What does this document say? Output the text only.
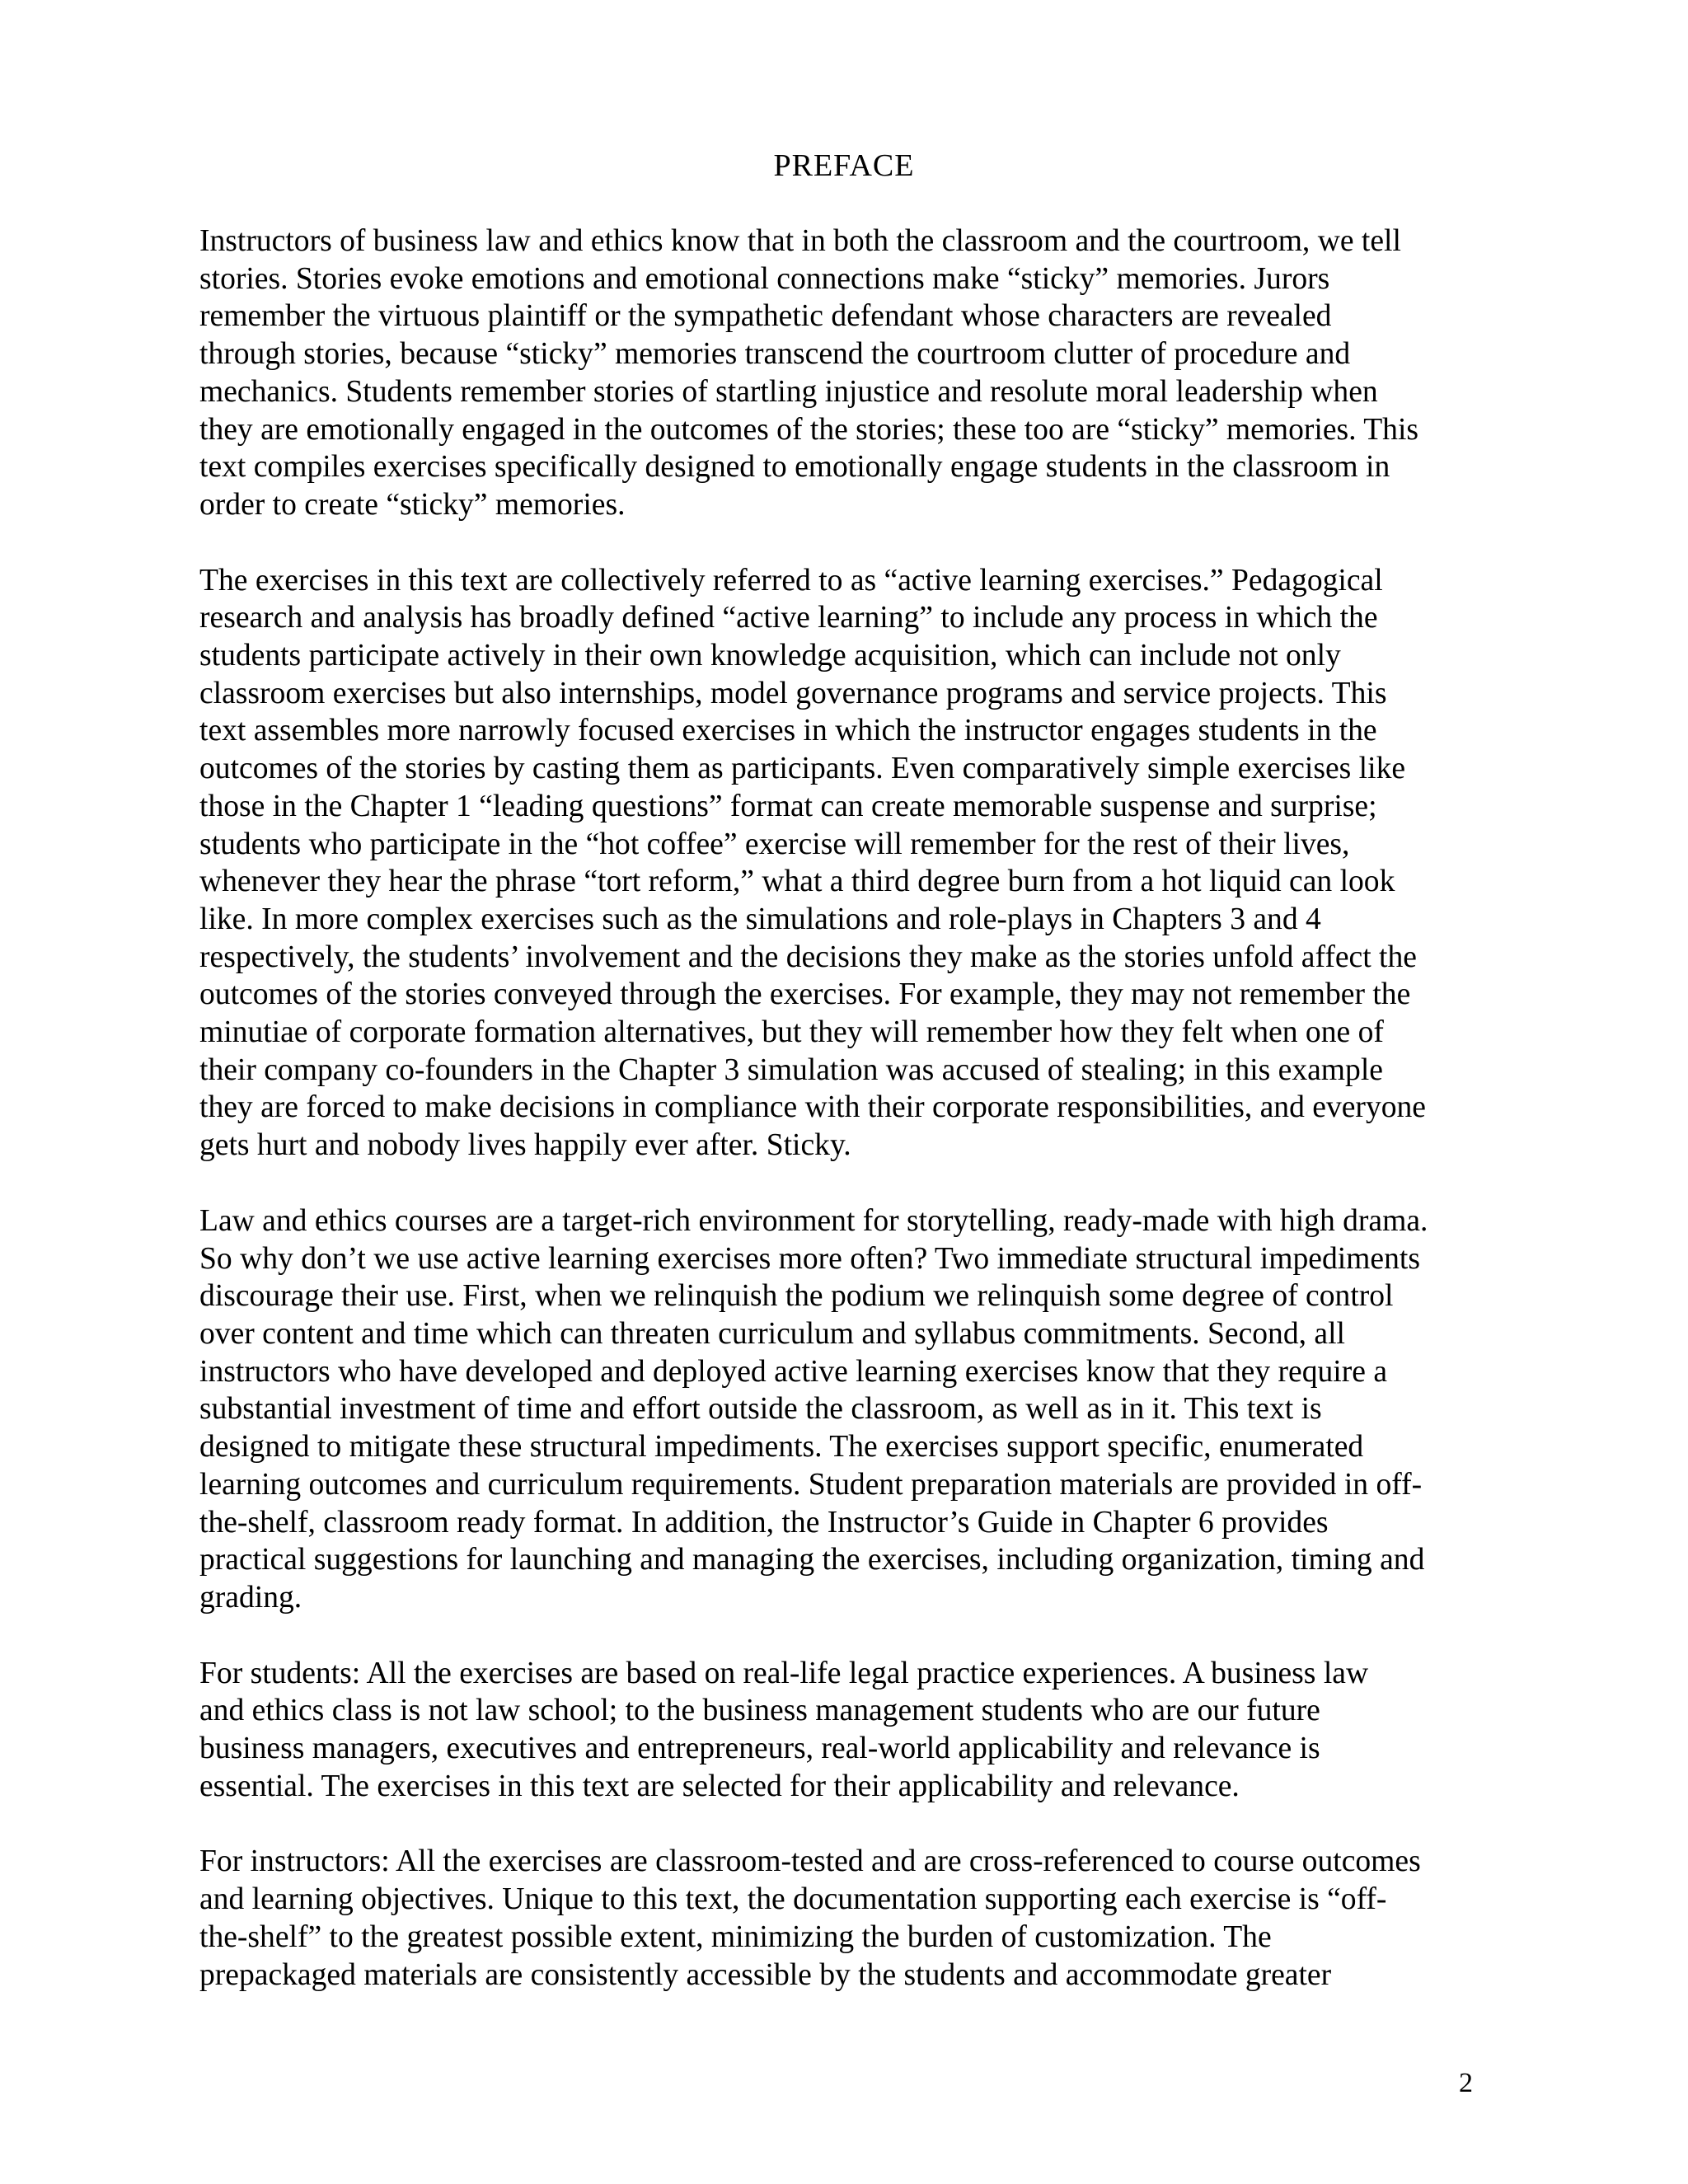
PREFACE

Instructors of business law and ethics know that in both the classroom and the courtroom, we tell
stories. Stories evoke emotions and emotional connections make “sticky” memories. Jurors
remember the virtuous plaintiff or the sympathetic defendant whose characters are revealed
through stories, because “sticky” memories transcend the courtroom clutter of procedure and
mechanics. Students remember stories of startling injustice and resolute moral leadership when
they are emotionally engaged in the outcomes of the stories; these too are “sticky” memories. This
text compiles exercises specifically designed to emotionally engage students in the classroom in
order to create “sticky” memories.

The exercises in this text are collectively referred to as “active learning exercises.” Pedagogical
research and analysis has broadly defined “active learning” to include any process in which the
students participate actively in their own knowledge acquisition, which can include not only
classroom exercises but also internships, model governance programs and service projects. This
text assembles more narrowly focused exercises in which the instructor engages students in the
outcomes of the stories by casting them as participants. Even comparatively simple exercises like
those in the Chapter 1 “leading questions” format can create memorable suspense and surprise;
students who participate in the “hot coffee” exercise will remember for the rest of their lives,
whenever they hear the phrase “tort reform,” what a third degree burn from a hot liquid can look
like. In more complex exercises such as the simulations and role-plays in Chapters 3 and 4
respectively, the students’ involvement and the decisions they make as the stories unfold affect the
outcomes of the stories conveyed through the exercises. For example, they may not remember the
minutiae of corporate formation alternatives, but they will remember how they felt when one of
their company co-founders in the Chapter 3 simulation was accused of stealing; in this example
they are forced to make decisions in compliance with their corporate responsibilities, and everyone
gets hurt and nobody lives happily ever after. Sticky.

Law and ethics courses are a target-rich environment for storytelling, ready-made with high drama.
So why don’t we use active learning exercises more often? Two immediate structural impediments
discourage their use. First, when we relinquish the podium we relinquish some degree of control
over content and time which can threaten curriculum and syllabus commitments. Second, all
instructors who have developed and deployed active learning exercises know that they require a
substantial investment of time and effort outside the classroom, as well as in it. This text is
designed to mitigate these structural impediments. The exercises support specific, enumerated
learning outcomes and curriculum requirements. Student preparation materials are provided in off-
the-shelf, classroom ready format. In addition, the Instructor’s Guide in Chapter 6 provides
practical suggestions for launching and managing the exercises, including organization, timing and
grading.

For students: All the exercises are based on real-life legal practice experiences. A business law
and ethics class is not law school; to the business management students who are our future
business managers, executives and entrepreneurs, real-world applicability and relevance is
essential. The exercises in this text are selected for their applicability and relevance.

For instructors: All the exercises are classroom-tested and are cross-referenced to course outcomes
and learning objectives. Unique to this text, the documentation supporting each exercise is “off-
the-shelf” to the greatest possible extent, minimizing the burden of customization. The
prepackaged materials are consistently accessible by the students and accommodate greater

2
